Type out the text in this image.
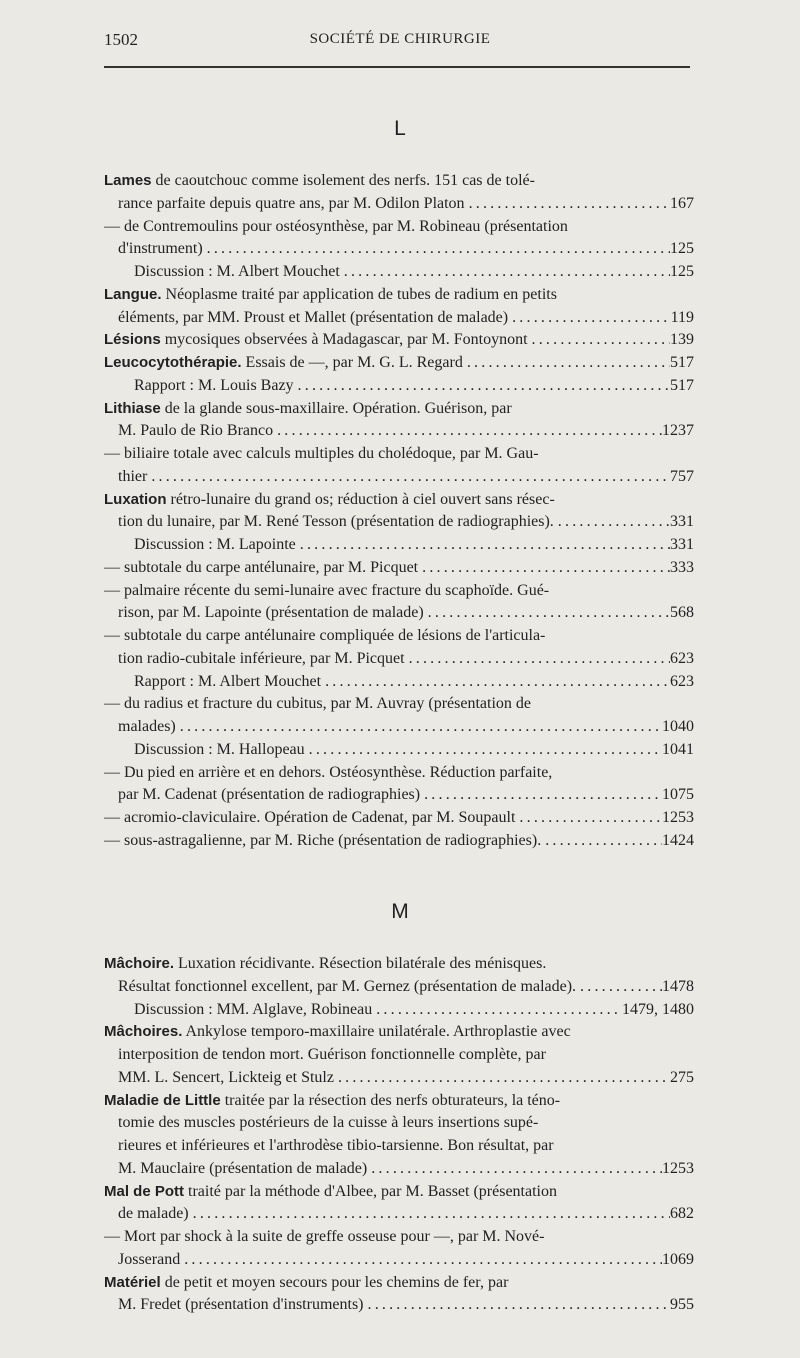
1502	SOCIÉTÉ DE CHIRURGIE
L
Lames de caoutchouc comme isolement des nerfs. 151 cas de tolé-
rance parfaite depuis quatre ans, par M. Odilon Platon .....	167
— de Contremoulins pour ostéosynthèse, par M. Robineau (présentation
d'instrument) .....	125
Discussion : M. Albert Mouchet .....	125
Langue. Néoplasme traité par application de tubes de radium en petits
éléments, par MM. Proust et Mallet (présentation de malade) .....	119
Lésions mycosiques observées à Madagascar, par M. Fontoynont .....	139
Leucocytothérapie. Essais de —, par M. G. L. Regard .....	517
Rapport : M. Louis Bazy .....	517
Lithiase de la glande sous-maxillaire. Opération. Guérison, par
M. Paulo de Rio Branco .....	1237
— biliaire totale avec calculs multiples du cholédoque, par M. Gau-
thier .....	757
Luxation rétro-lunaire du grand os; réduction à ciel ouvert sans résec-
tion du lunaire, par M. René Tesson (présentation de radiographies). .....	331
Discussion : M. Lapointe .....	331
— subtotale du carpe antélunaire, par M. Picquet .....	333
— palmaire récente du semi-lunaire avec fracture du scaphoïde. Gué-
rison, par M. Lapointe (présentation de malade) .....	568
— subtotale du carpe antélunaire compliquée de lésions de l'articula-
tion radio-cubitale inférieure, par M. Picquet .....	623
Rapport : M. Albert Mouchet .....	623
— du radius et fracture du cubitus, par M. Auvray (présentation de
malades) .....	1040
Discussion : M. Hallopeau .....	1041
— Du pied en arrière et en dehors. Ostéosynthèse. Réduction parfaite,
par M. Cadenat (présentation de radiographies) .....	1075
— acromio-claviculaire. Opération de Cadenat, par M. Soupault .....	1253
— sous-astragalienne, par M. Riche (présentation de radiographies). .....	1424
M
Mâchoire. Luxation récidivante. Résection bilatérale des ménisques.
Résultat fonctionnel excellent, par M. Gernez (présentation de malade). .....	1478
Discussion : MM. Alglave, Robineau .....	1479, 1480
Mâchoires. Ankylose temporo-maxillaire unilatérale. Arthroplastie avec
interposition de tendon mort. Guérison fonctionnelle complète, par
MM. L. Sencert, Lickteig et Stulz .....	275
Maladie de Little traitée par la résection des nerfs obturateurs, la téno-
tomie des muscles postérieurs de la cuisse à leurs insertions supé-
rieures et inférieures et l'arthrodèse tibio-tarsienne. Bon résultat, par
M. Mauclaire (présentation de malade) .....	1253
Mal de Pott traité par la méthode d'Albee, par M. Basset (présentation
de malade) .....	682
— Mort par shock à la suite de greffe osseuse pour —, par M. Nové-
Josserand .....	1069
Matériel de petit et moyen secours pour les chemins de fer, par
M. Fredet (présentation d'instruments) .....	955
